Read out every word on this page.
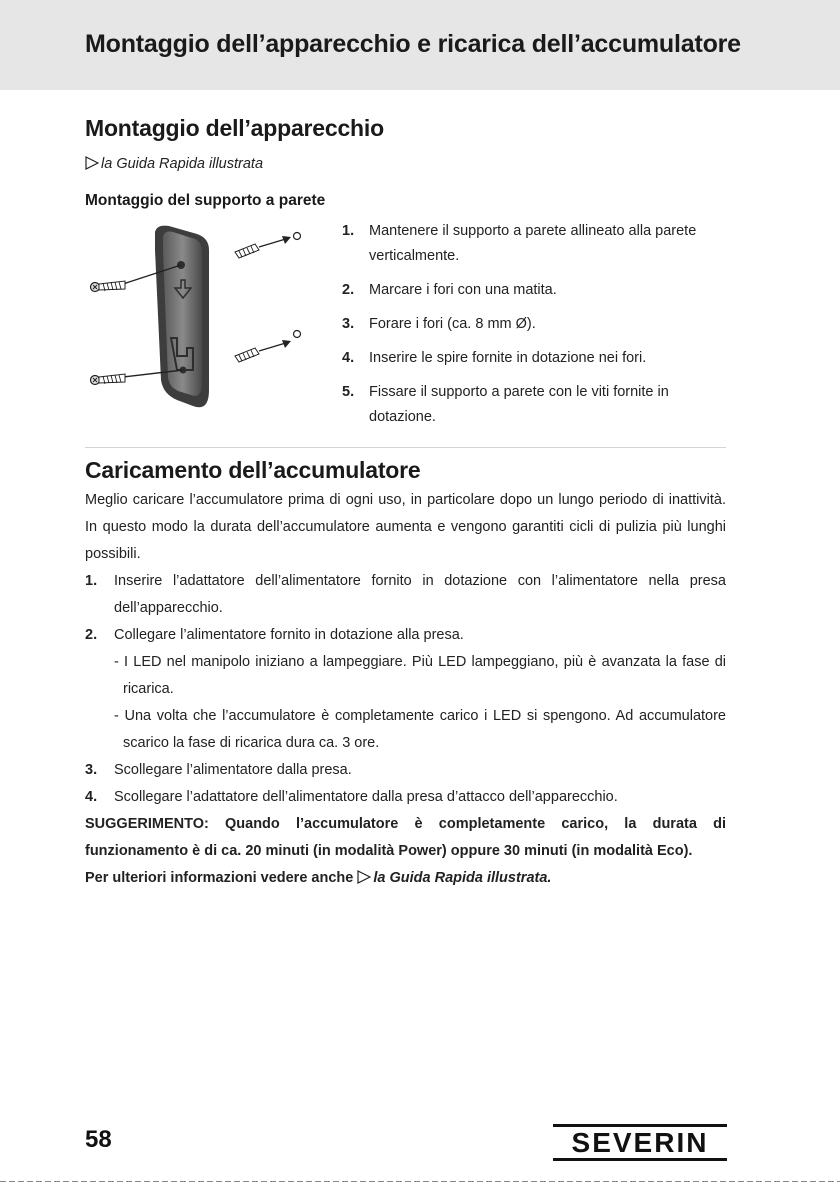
Montaggio dell’apparecchio e ricarica dell’accumulatore
Montaggio dell’apparecchio
la Guida Rapida illustrata
Montaggio del supporto a parete
1. Mantenere il supporto a parete allineato alla parete verticalmente.
2. Marcare i fori con una matita.
3. Forare i fori (ca. 8 mm Ø).
4. Inserire le spire fornite in dotazione nei fori.
5. Fissare il supporto a parete con le viti fornite in dotazione.
Caricamento dell’accumulatore
Meglio caricare l’accumulatore prima di ogni uso, in particolare dopo un lungo periodo di inattività. In questo modo la durata dell’accumulatore aumenta e vengono garantiti cicli di pulizia più lunghi possibili.
1. Inserire l’adattatore dell’alimentatore fornito in dotazione con l’alimentatore nella presa dell’apparecchio.
2. Collegare l’alimentatore fornito in dotazione alla presa.
- I LED nel manipolo iniziano a lampeggiare. Più LED lampeggiano, più è avanzata la fase di ricarica.
- Una volta che l’accumulatore è completamente carico i LED si spengono. Ad accumulatore scarico la fase di ricarica dura ca. 3 ore.
3. Scollegare l’alimentatore dalla presa.
4. Scollegare l’adattatore dell’alimentatore dalla presa d’attacco dell’apparecchio.
SUGGERIMENTO: Quando l’accumulatore è completamente carico, la durata di funzionamento è di ca. 20 minuti (in modalità Power) oppure 30 minuti (in modalità Eco).
Per ulteriori informazioni vedere anche la Guida Rapida illustrata.
58	SEVERIN
